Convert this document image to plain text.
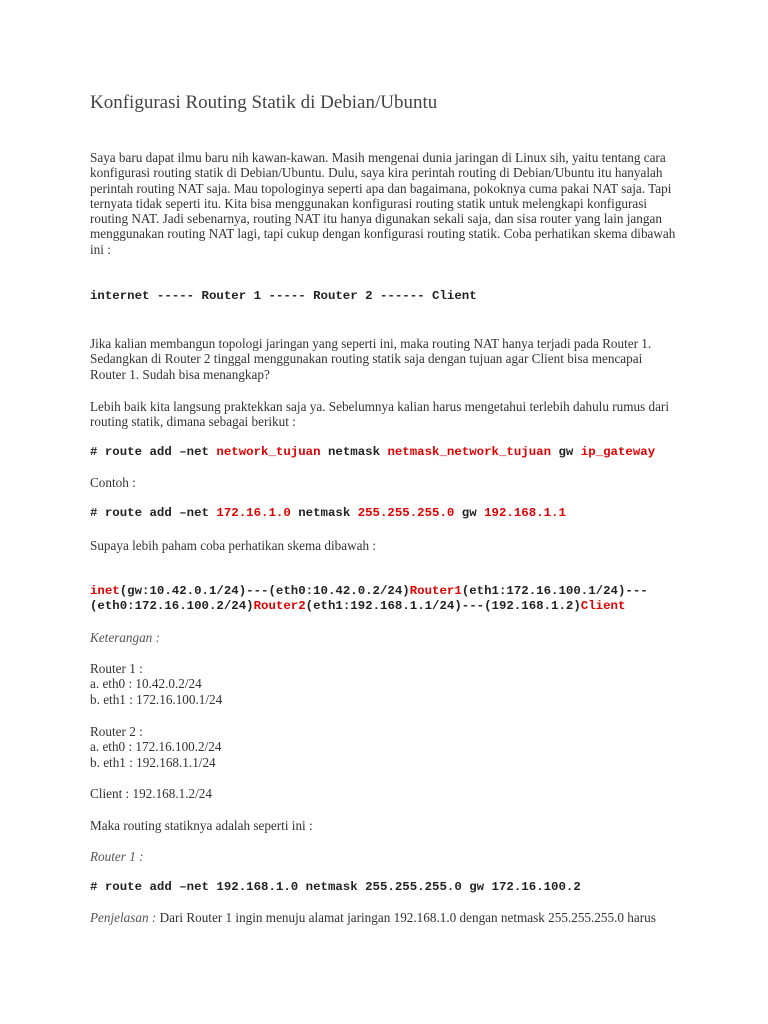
Konfigurasi Routing Statik di Debian/Ubuntu
Saya baru dapat ilmu baru nih kawan-kawan. Masih mengenai dunia jaringan di Linux sih, yaitu tentang cara
konfigurasi routing statik di Debian/Ubuntu. Dulu, saya kira perintah routing di Debian/Ubuntu itu hanyalah
perintah routing NAT saja. Mau topologinya seperti apa dan bagaimana, pokoknya cuma pakai NAT saja. Tapi
ternyata tidak seperti itu. Kita bisa menggunakan konfigurasi routing statik untuk melengkapi konfigurasi
routing NAT. Jadi sebenarnya, routing NAT itu hanya digunakan sekali saja, dan sisa router yang lain jangan
menggunakan routing NAT lagi, tapi cukup dengan konfigurasi routing statik. Coba perhatikan skema dibawah
ini :
internet ----- Router 1 ----- Router 2 ------ Client
Jika kalian membangun topologi jaringan yang seperti ini, maka routing NAT hanya terjadi pada Router 1.
Sedangkan di Router 2 tinggal menggunakan routing statik saja dengan tujuan agar Client bisa mencapai
Router 1. Sudah bisa menangkap?
Lebih baik kita langsung praktekkan saja ya. Sebelumnya kalian harus mengetahui terlebih dahulu rumus dari
routing statik, dimana sebagai berikut :
# route add –net network_tujuan netmask netmask_network_tujuan gw ip_gateway
Contoh :
# route add –net 172.16.1.0 netmask 255.255.255.0 gw 192.168.1.1
Supaya lebih paham coba perhatikan skema dibawah :
inet(gw:10.42.0.1/24)---(eth0:10.42.0.2/24)Router1(eth1:172.16.100.1/24)---
(eth0:172.16.100.2/24)Router2(eth1:192.168.1.1/24)---(192.168.1.2)Client
Keterangan :
Router 1 :
a. eth0 : 10.42.0.2/24
b. eth1 : 172.16.100.1/24
Router 2 :
a. eth0 : 172.16.100.2/24
b. eth1 : 192.168.1.1/24
Client : 192.168.1.2/24
Maka routing statiknya adalah seperti ini :
Router 1 :
# route add –net 192.168.1.0 netmask 255.255.255.0 gw 172.16.100.2
Penjelasan : Dari Router 1 ingin menuju alamat jaringan 192.168.1.0 dengan netmask 255.255.255.0 harus
